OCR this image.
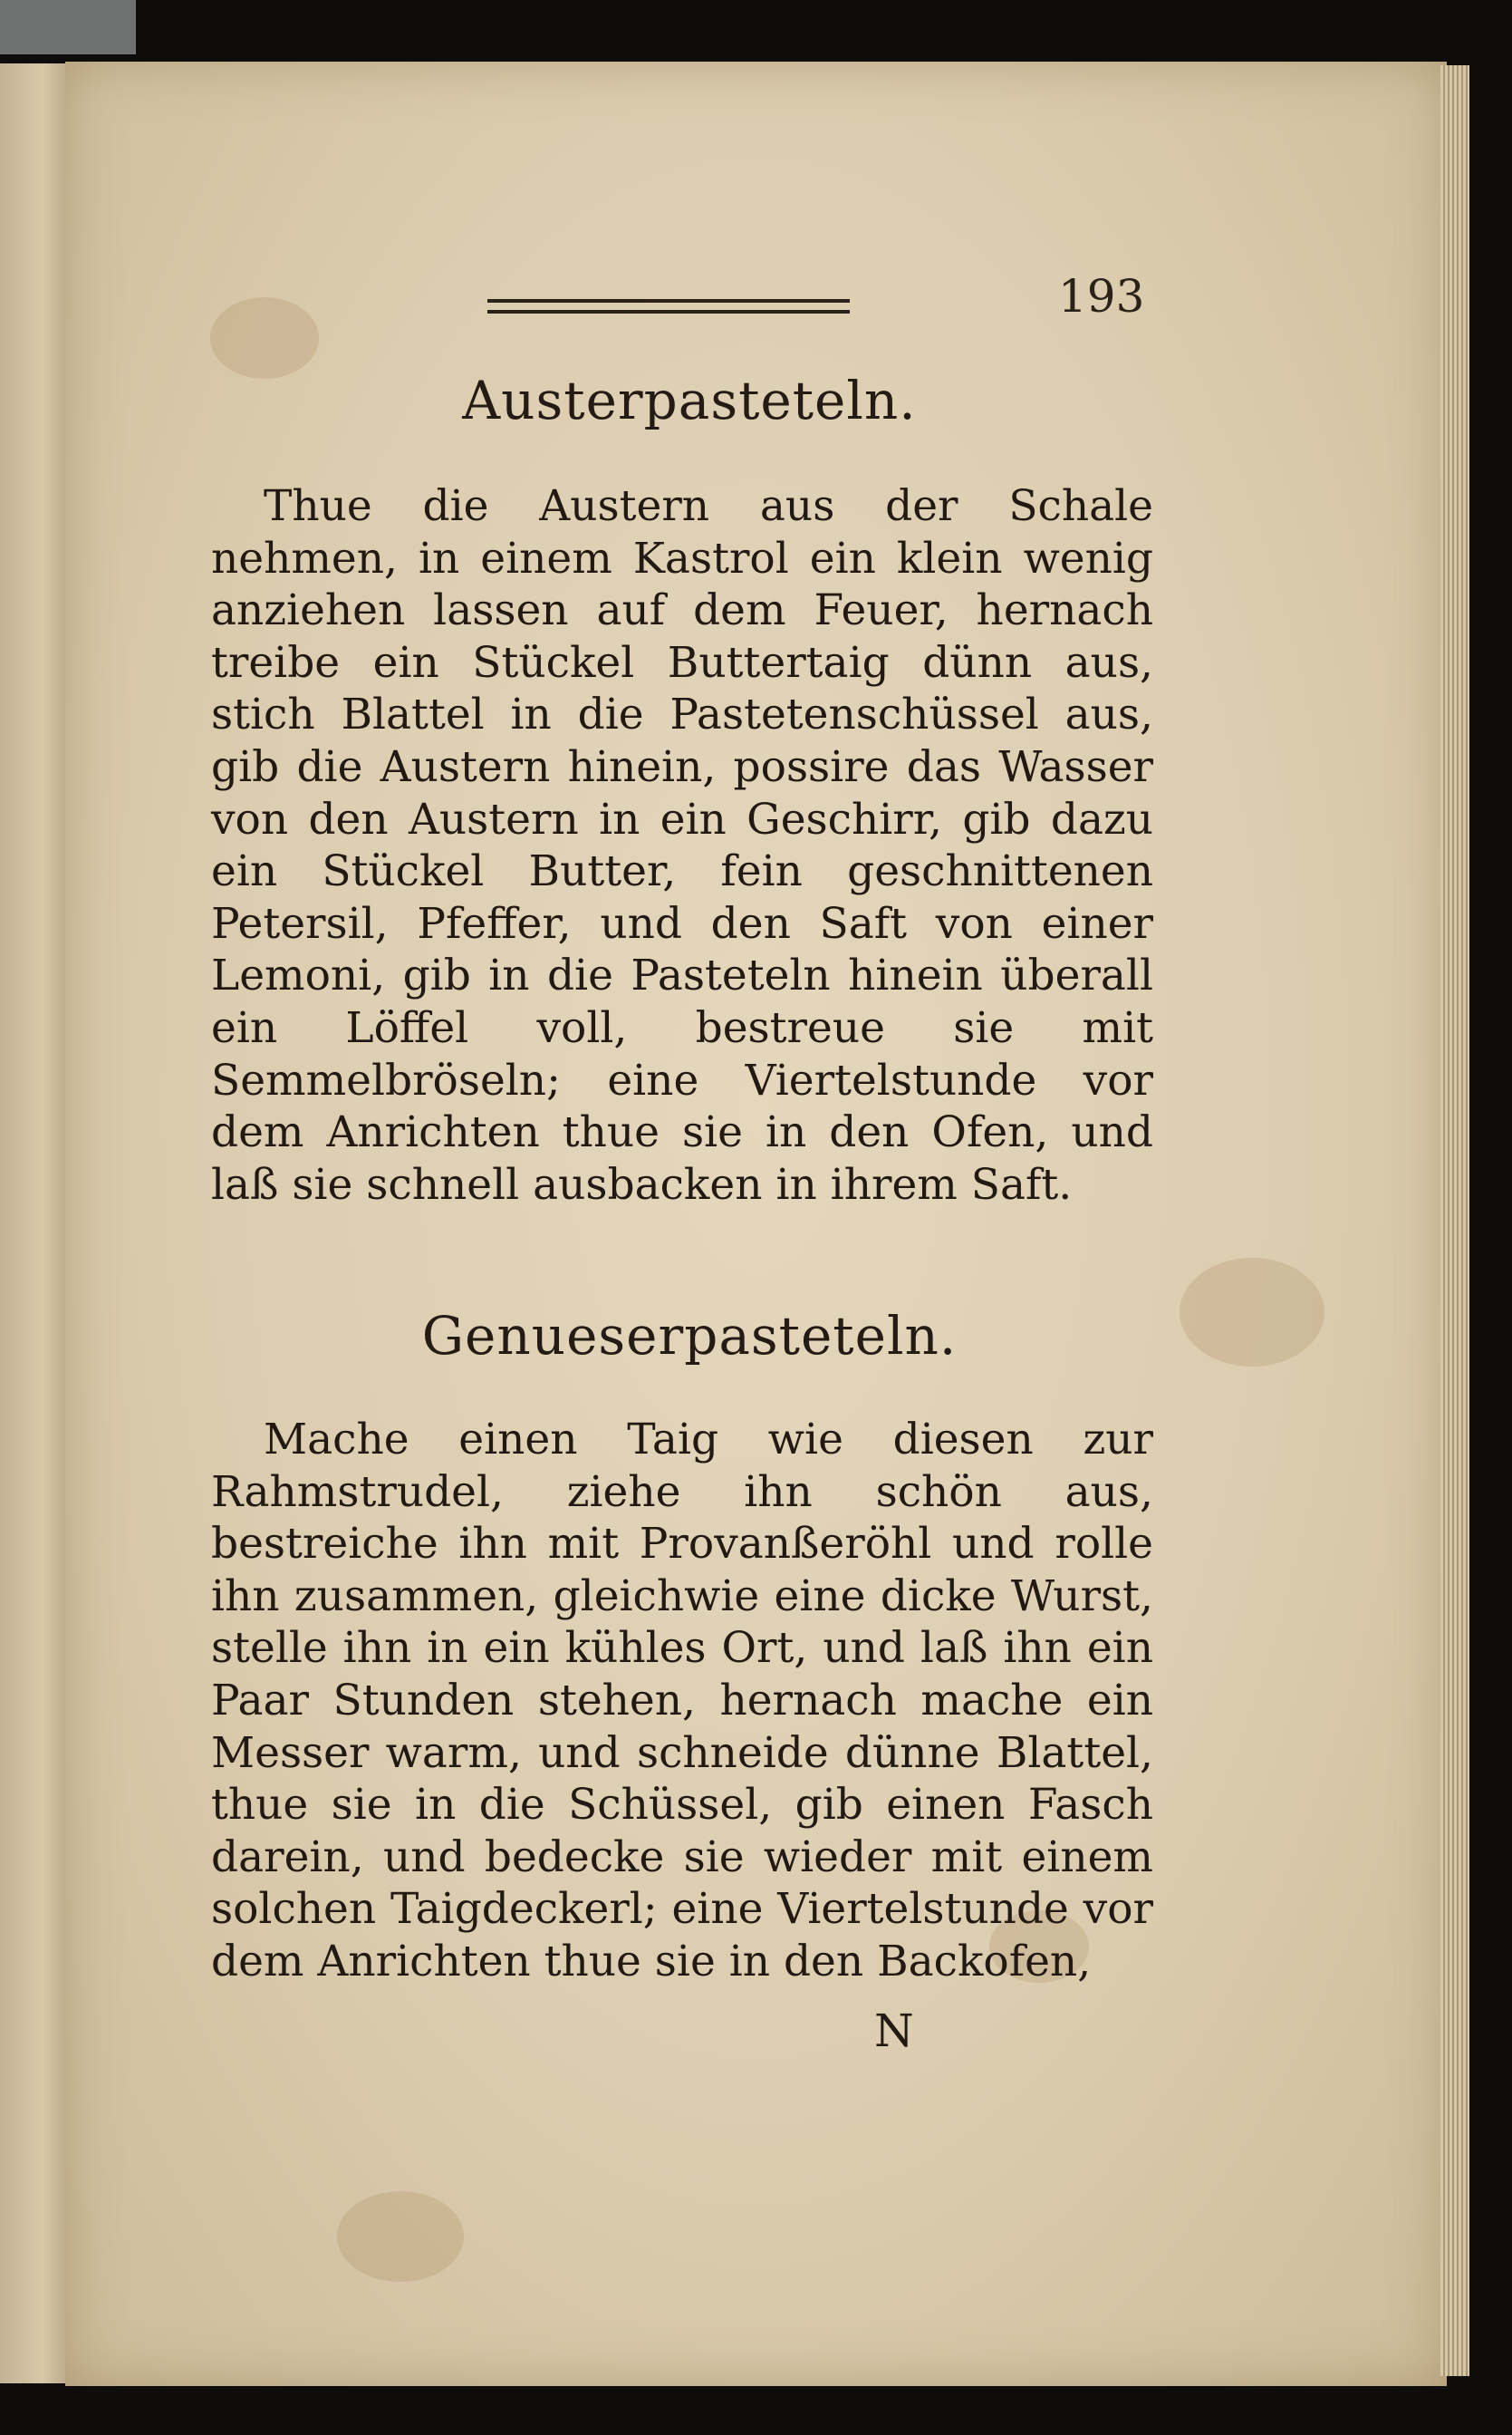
193
Austerpasteteln.
Thue die Austern aus der Schale nehmen, in einem Kastrol ein klein wenig anziehen lassen auf dem Feuer, hernach treibe ein Stückel Buttertaig dünn aus, stich Blattel in die Pastetenschüssel aus, gib die Austern hinein, possire das Wasser von den Austern in ein Geschirr, gib dazu ein Stückel Butter, fein geschnittenen Petersil, Pfeffer, und den Saft von einer Lemoni, gib in die Pasteteln hinein überall ein Löffel voll, bestreue sie mit Semmelbröseln; eine Viertelstunde vor dem Anrichten thue sie in den Ofen, und laß sie schnell ausbacken in ihrem Saft.
Genueserpasteteln.
Mache einen Taig wie diesen zur Rahmstrudel, ziehe ihn schön aus, bestreiche ihn mit Provanßeröhl und rolle ihn zusammen, gleichwie eine dicke Wurst, stelle ihn in ein kühles Ort, und laß ihn ein Paar Stunden stehen, hernach mache ein Messer warm, und schneide dünne Blattel, thue sie in die Schüssel, gib einen Fasch darein, und bedecke sie wieder mit einem solchen Taigdeckerl; eine Viertelstunde vor dem Anrichten thue sie in den Backofen,
N
